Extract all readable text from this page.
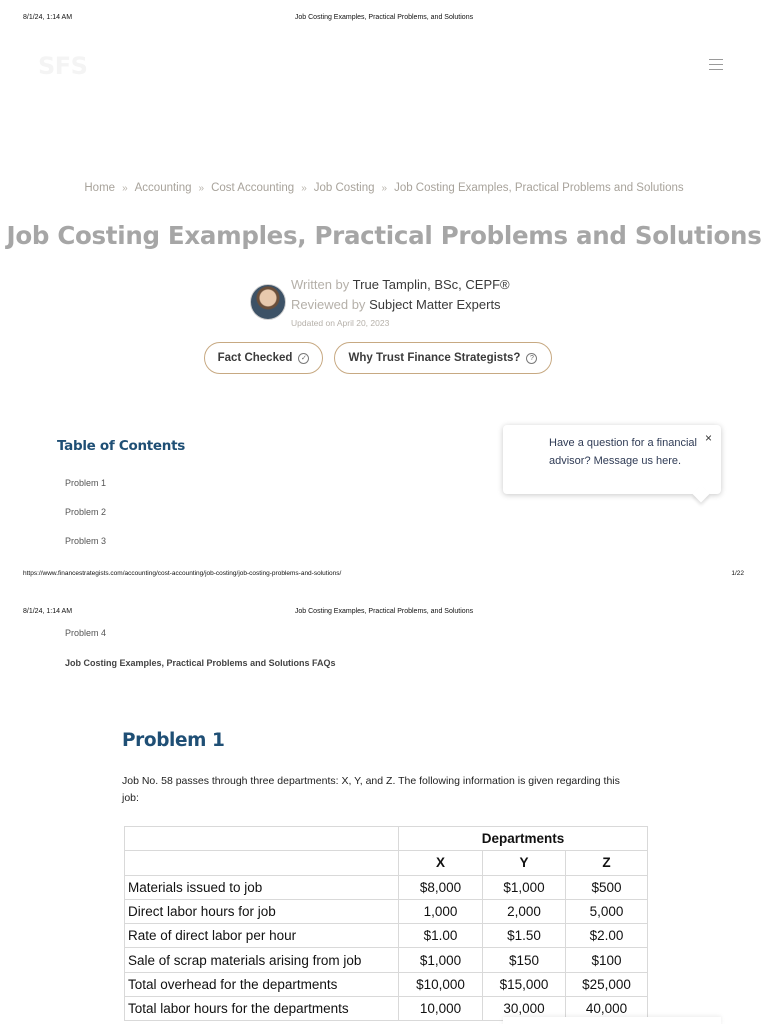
8/1/24, 1:14 AM	Job Costing Examples, Practical Problems, and Solutions
SFS
Home » Accounting » Cost Accounting » Job Costing » Job Costing Examples, Practical Problems and Solutions
Job Costing Examples, Practical Problems and Solutions
Written by True Tamplin, BSc, CEPF®
Reviewed by Subject Matter Experts
Updated on April 20, 2023
Fact Checked	✓	Why Trust Finance Strategists?	?
Table of Contents
Problem 1
Problem 2
Problem 3
Have a question for a financial advisor? Message us here.
×
https://www.financestrategists.com/accounting/cost-accounting/job-costing/job-costing-problems-and-solutions/	1/22
8/1/24, 1:14 AM	Job Costing Examples, Practical Problems, and Solutions
Problem 4
Job Costing Examples, Practical Problems and Solutions FAQs
Problem 1

Job No. 58 passes through three departments: X, Y, and Z. The following information is given regarding this job:

	Departments		
	X	Y	Z
Materials issued to job	$8,000	$1,000	$500
Direct labor hours for job	1,000	2,000	5,000
Rate of direct labor per hour	$1.00	$1.50	$2.00
Sale of scrap materials arising from job	$1,000	$150	$100
Total overhead for the departments	$10,000	$15,000	$25,000
Total labor hours for the departments	10,000	30,000	40,000
